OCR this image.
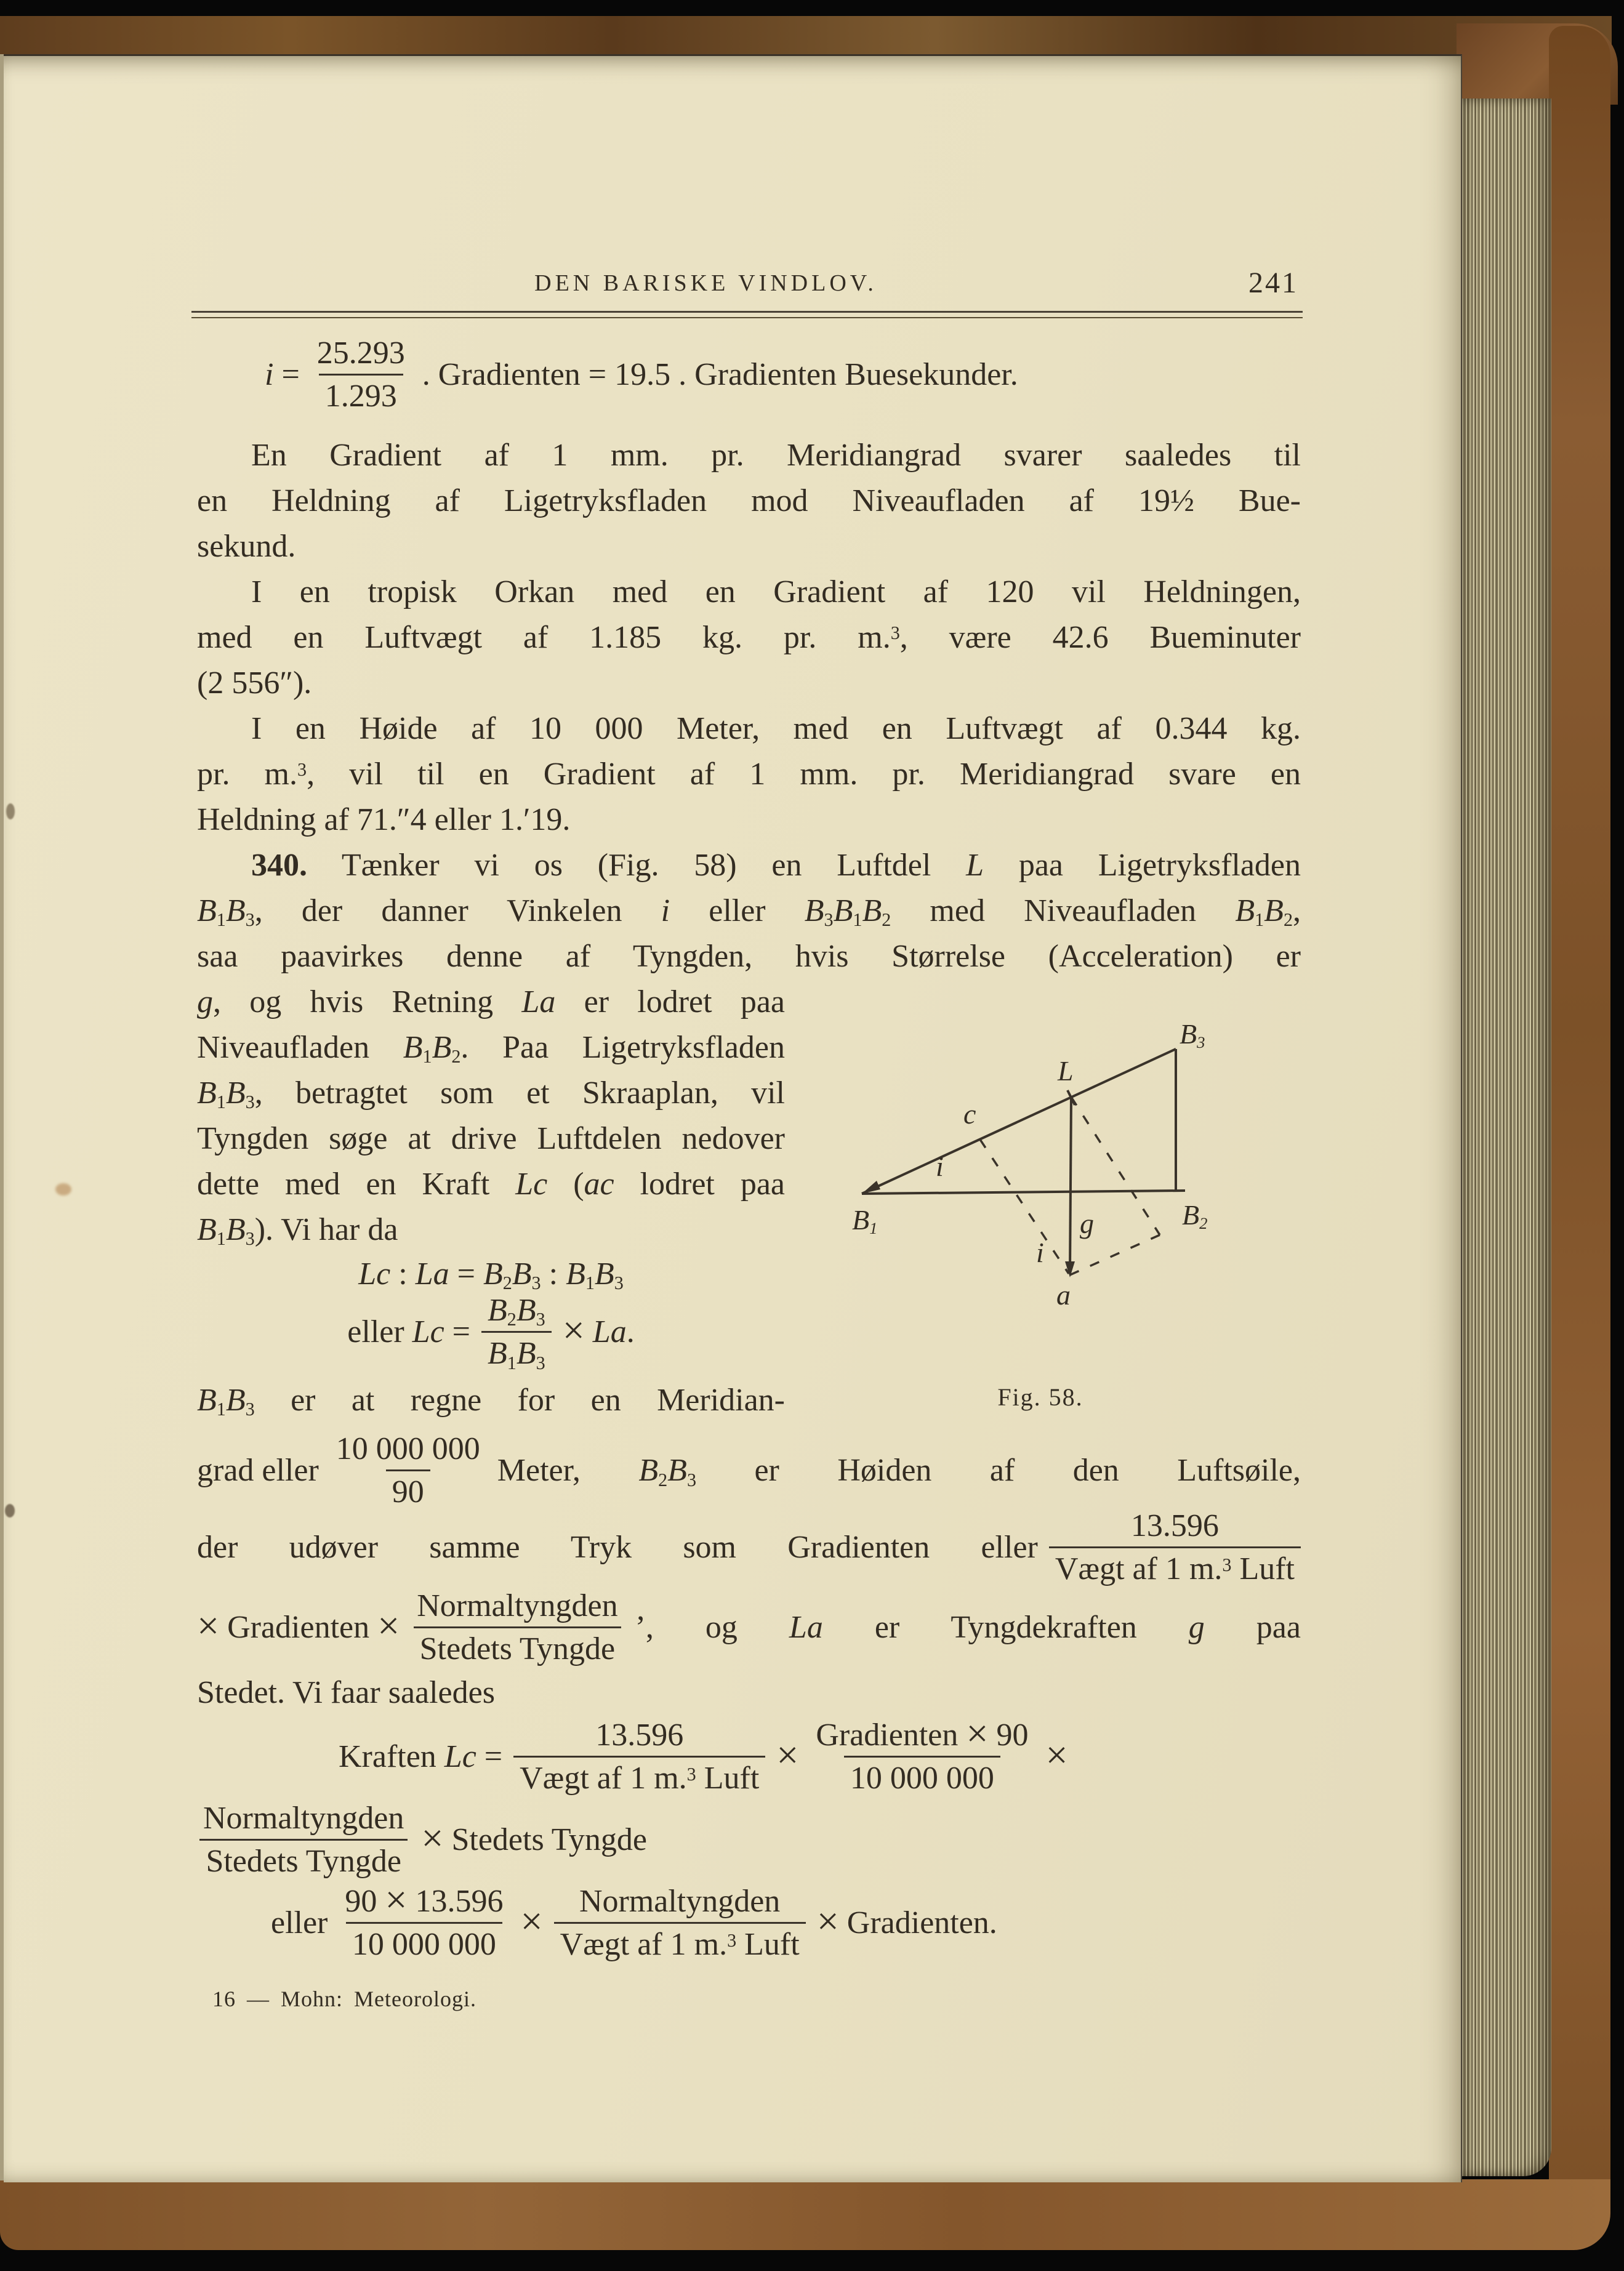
DEN BARISKE VINDLOV.	241
$i = \frac{25.293}{1.293}$ . Gradienten = 19.5 . Gradienten Buesekunder.
En Gradient af 1 mm. pr. Meridiangrad svarer saaledes til
en Heldning af Ligetryksfladen mod Niveaufladen af 19½ Bue-
sekund.
I en tropisk Orkan med en Gradient af 120 vil Heldningen,
med en Luftvægt af 1.185 kg. pr. m.$^3$, være 42.6 Bueminuter
(2 556″).
I en Høide af 10 000 Meter, med en Luftvægt af 0.344 kg.
pr. m.$^3$, vil til en Gradient af 1 mm. pr. Meridiangrad svare en
Heldning af 71.″4 eller 1.′19.
340. Tænker vi os (Fig. 58) en Luftdel L paa Ligetryksfladen
$B_1B_3$, der danner Vinkelen i eller $B_3B_1B_2$ med Niveaufladen $B_1B_2$,
saa paavirkes denne af Tyngden, hvis Størrelse (Acceleration) er
g, og hvis Retning La er lodret paa
Niveaufladen $B_1B_2$. Paa Ligetryksfladen
$B_1B_3$, betragtet som et Skraaplan, vil
Tyngden søge at drive Luftdelen nedover
dette med en Kraft Lc (ac lodret paa
$B_1B_3$). Vi har da
Lc : $La = B_2B_3$ : $B_1B_3$
eller $Lc = \frac{B_2B_3}{B_1B_3} \times La$.
$B_1B_3$ er at regne for en Meridian-
grad eller $\frac{10 000 000}{90}$ Meter, $B_2B_3$ er Høiden af den Luftsøile,
der udøver samme Tryk som Gradienten eller $\frac{13.596}{Vægt af 1 m.^3 Luft}$
× Gradienten × $\frac{\text{Normaltyngden}}{\text{Stedets Tyngde}}$ ’, og La er Tyngdekraften g paa
Stedet. Vi faar saaledes
Kraften $Lc = \frac{13.596}{Vægt af 1 m.^3 Luft} \times \frac{\text{Gradienten × 90}}{10 000 000}$ ×
$\frac{\text{Normaltyngden}}{\text{Stedets Tyngde}} \times Stedets$ Tyngde
eller $\frac{90 \times 13.596}{10 000 000} \times \frac{\text{Normaltyngden}}{Vægt af 1 m.^3 Luft}$ × Gradienten.
L
$B_3$
c
i
$B_1$	$B_2$
g
i
a
Fig. 58.
16 — Mohn: Meteorologi.
